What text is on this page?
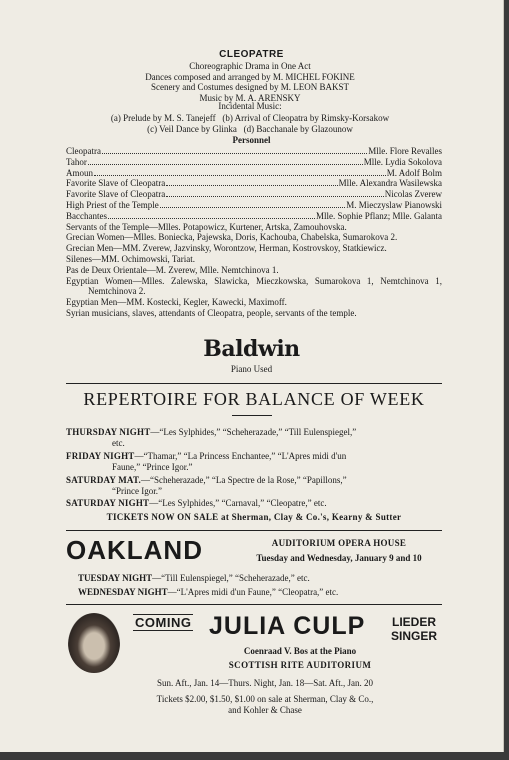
CLEOPATRE
Choreographic Drama in One Act
Dances composed and arranged by M. MICHEL FOKINE
Scenery and Costumes designed by M. LEON BAKST
Music by M. A. ARENSKY
Incidental Music:
(a) Prelude by M. S. Tanejeff   (b) Arrival of Cleopatra by Rimsky-Korsakow
(c) Veil Dance by Glinka   (d) Bacchanale by Glazounow
Personnel
Cleopatra	Mlle. Flore Revalles
Tahor	Mlle. Lydia Sokolova
Amoun	M. Adolf Bolm
Favorite Slave of Cleopatra	Mlle. Alexandra Wasilewska
Favorite Slave of Cleopatra	Nicolas Zverew
High Priest of the Temple	M. Mieczyslaw Pianowski
Bacchantes	Mlle. Sophie Pflanz; Mlle. Galanta
Servants of the Temple—Mlles. Potapowicz, Kurtener, Artska, Zamouhovska.
Grecian Women—Mlles. Boniecka, Pajewska, Doris, Kachouba, Chabelska, Sumarokova 2.
Grecian Men—MM. Zverew, Jazvinsky, Worontzow, Herman, Kostrovskoy, Statkiewicz.
Silenes—MM. Ochimowski, Tariat.
Pas de Deux Orientale—M. Zverew, Mlle. Nemtchinova 1.
Egyptian Women—Mlles. Zalewska, Slawicka, Mieczkowska, Sumarokova 1, Nemtchinova 1, Nemtchinova 2.
Egyptian Men—MM. Kostecki, Kegler, Kawecki, Maximoff.
Syrian musicians, slaves, attendants of Cleopatra, people, servants of the temple.
Baldwin
Piano Used
REPERTOIRE FOR BALANCE OF WEEK
THURSDAY NIGHT—“Les Sylphides,” “Scheherazade,” “Till Eulenspiegel,”
etc.
FRIDAY NIGHT—“Thamar,” “La Princess Enchantee,” “L'Apres midi d'un
Faune,” “Prince Igor.”
SATURDAY MAT.—“Scheherazade,” “La Spectre de la Rose,” “Papillons,”
“Prince Igor.”
SATURDAY NIGHT—“Les Sylphides,” “Carnaval,” “Cleopatre,” etc.
TICKETS NOW ON SALE at Sherman, Clay & Co.'s, Kearny & Sutter
OAKLAND	AUDITORIUM OPERA HOUSE
Tuesday and Wednesday, January 9 and 10
TUESDAY NIGHT—“Till Eulenspiegel,” “Scheherazade,” etc.
WEDNESDAY NIGHT—“L'Apres midi d'un Faune,” “Cleopatra,” etc.
COMING JULIA CULP	LIEDER
SINGER
Coenraad V. Bos at the Piano
SCOTTISH RITE AUDITORIUM
Sun. Aft., Jan. 14—Thurs. Night, Jan. 18—Sat. Aft., Jan. 20
Tickets $2.00, $1.50, $1.00 on sale at Sherman, Clay & Co.,
and Kohler & Chase
